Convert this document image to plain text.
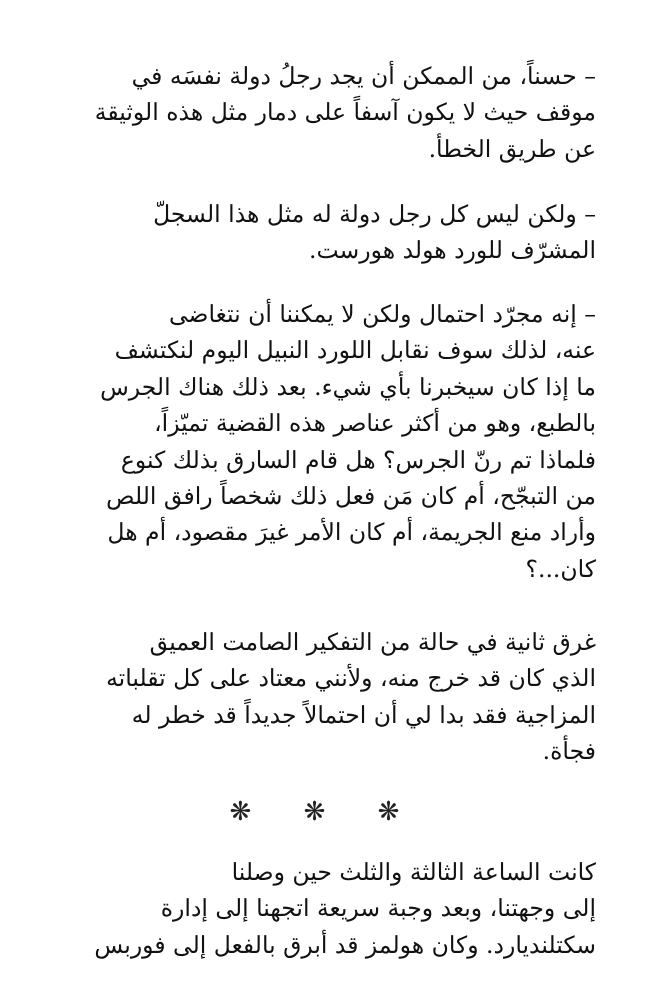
– حسناً، من الممكن أن يجد رجلُ دولة نفسَه في
موقف حيث لا يكون آسفاً على دمار مثل هذه الوثيقة
عن طريق الخطأ.
– ولكن ليس كل رجل دولة له مثل هذا السجلّ
المشرّف للورد هولد هورست.
– إنه مجرّد احتمال ولكن لا يمكننا أن نتغاضى
عنه، لذلك سوف نقابل اللورد النبيل اليوم لنكتشف
ما إذا كان سيخبرنا بأي شيء. بعد ذلك هناك الجرس
بالطبع، وهو من أكثر عناصر هذه القضية تميّزاً،
فلماذا تم رنّ الجرس؟ هل قام السارق بذلك كنوع
من التبجّح، أم كان مَن فعل ذلك شخصاً رافق اللص
وأراد منع الجريمة، أم كان الأمر غيرَ مقصود، أم هل
كان...؟
غرق ثانية في حالة من التفكير الصامت العميق
الذي كان قد خرج منه، ولأنني معتاد على كل تقلباته
المزاجية فقد بدا لي أن احتمالاً جديداً قد خطر له
فجأة.
❋ ❋ ❋
كانت الساعة الثالثة والثلث حين وصلنا
إلى وجهتنا، وبعد وجبة سريعة اتجهنا إلى إدارة
سكتلنديارد. وكان هولمز قد أبرق بالفعل إلى فوربس
